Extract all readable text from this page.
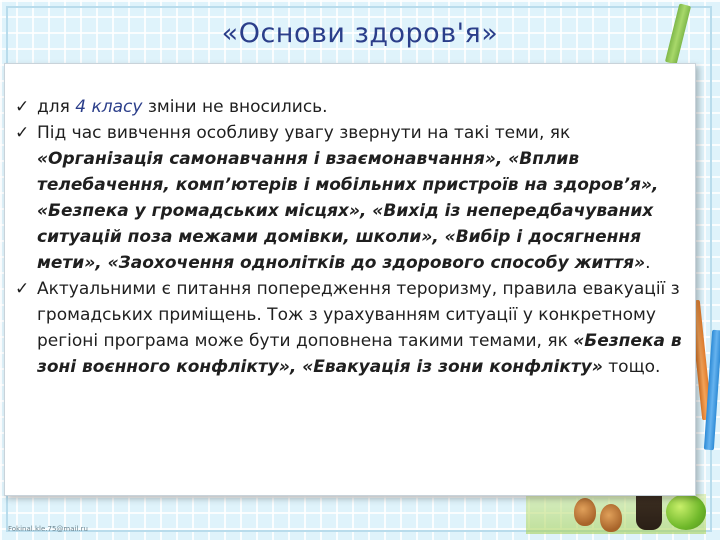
«Основи здоров'я»
✓ для 4 класу зміни не вносились.
✓ Під час вивчення особливу увагу звернути на такі теми, як «Організація самонавчання і взаємонавчання», «Вплив телебачення, комп’ютерів і мобільних пристроїв на здоров’я», «Безпека у громадських місцях», «Вихід із непередбачуваних ситуацій поза межами домівки, школи», «Вибір і досягнення мети», «Заохочення однолітків до здорового способу життя».
✓ Актуальними є питання попередження тероризму, правила евакуації з громадських приміщень. Тож з урахуванням ситуації у конкретному регіоні програма може бути доповнена такими темами, як «Безпека в зоні воєнного конфлікту», «Евакуація із зони конфлікту» тощо.
Fokinal.kle.75@mail.ru
